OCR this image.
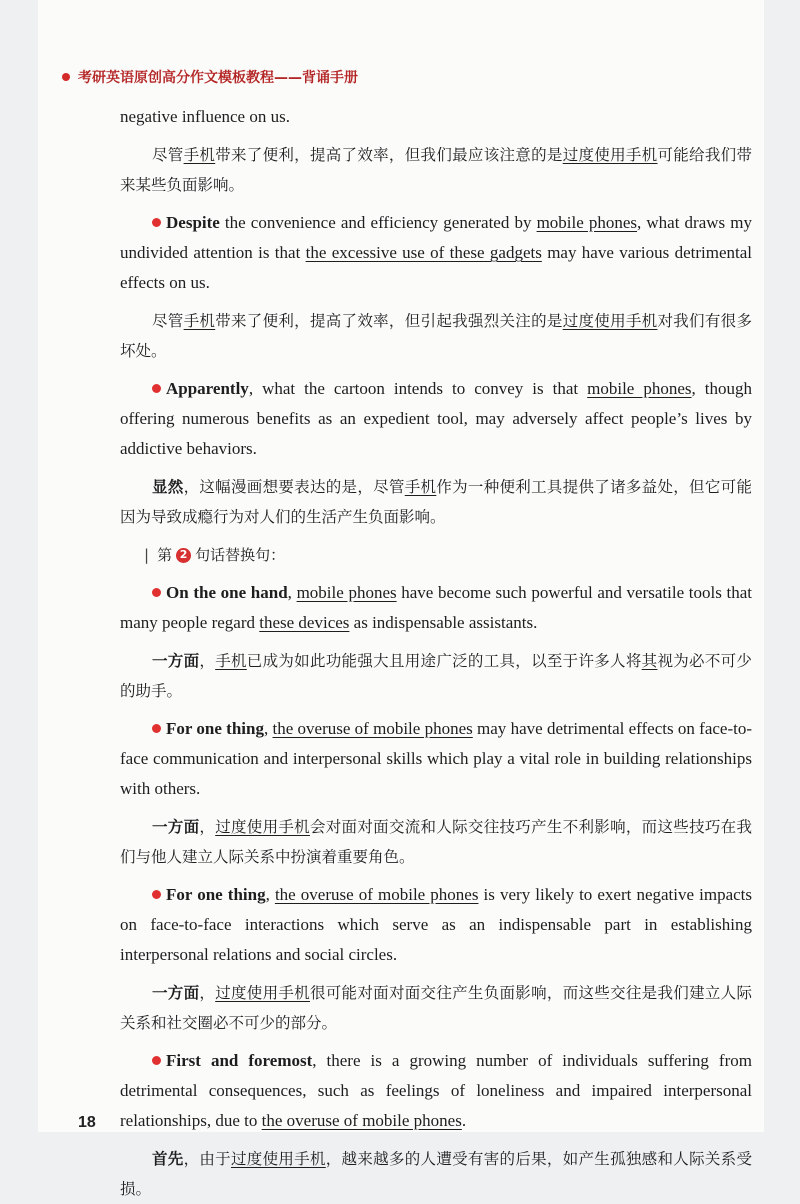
考研英语原创高分作文模板教程——背诵手册

negative influence on us.

尽管手机带来了便利，提高了效率，但我们最应该注意的是过度使用手机可能给我们带来某些负面影响。

Despite the convenience and efficiency generated by mobile phones, what draws my undivided attention is that the excessive use of these gadgets may have various detrimental effects on us.

尽管手机带来了便利，提高了效率，但引起我强烈关注的是过度使用手机对我们有很多坏处。

Apparently, what the cartoon intends to convey is that mobile phones, though offering numerous benefits as an expedient tool, may adversely affect people’s lives by addictive behaviors.

显然，这幅漫画想要表达的是，尽管手机作为一种便利工具提供了诸多益处，但它可能因为导致成瘾行为对人们的生活产生负面影响。

| 第 2 句话替换句：

On the one hand, mobile phones have become such powerful and versatile tools that many people regard these devices as indispensable assistants.

一方面，手机已成为如此功能强大且用途广泛的工具，以至于许多人将其视为必不可少的助手。

For one thing, the overuse of mobile phones may have detrimental effects on face-to-face communication and interpersonal skills which play a vital role in building relationships with others.

一方面，过度使用手机会对面对面交流和人际交往技巧产生不利影响，而这些技巧在我们与他人建立人际关系中扮演着重要角色。

For one thing, the overuse of mobile phones is very likely to exert negative impacts on face-to-face interactions which serve as an indispensable part in establishing interpersonal relations and social circles.

一方面，过度使用手机很可能对面对面交往产生负面影响，而这些交往是我们建立人际关系和社交圈必不可少的部分。

First and foremost, there is a growing number of individuals suffering from detrimental consequences, such as feelings of loneliness and impaired interpersonal relationships, due to the overuse of mobile phones.

首先，由于过度使用手机，越来越多的人遭受有害的后果，如产生孤独感和人际关系受损。

18
